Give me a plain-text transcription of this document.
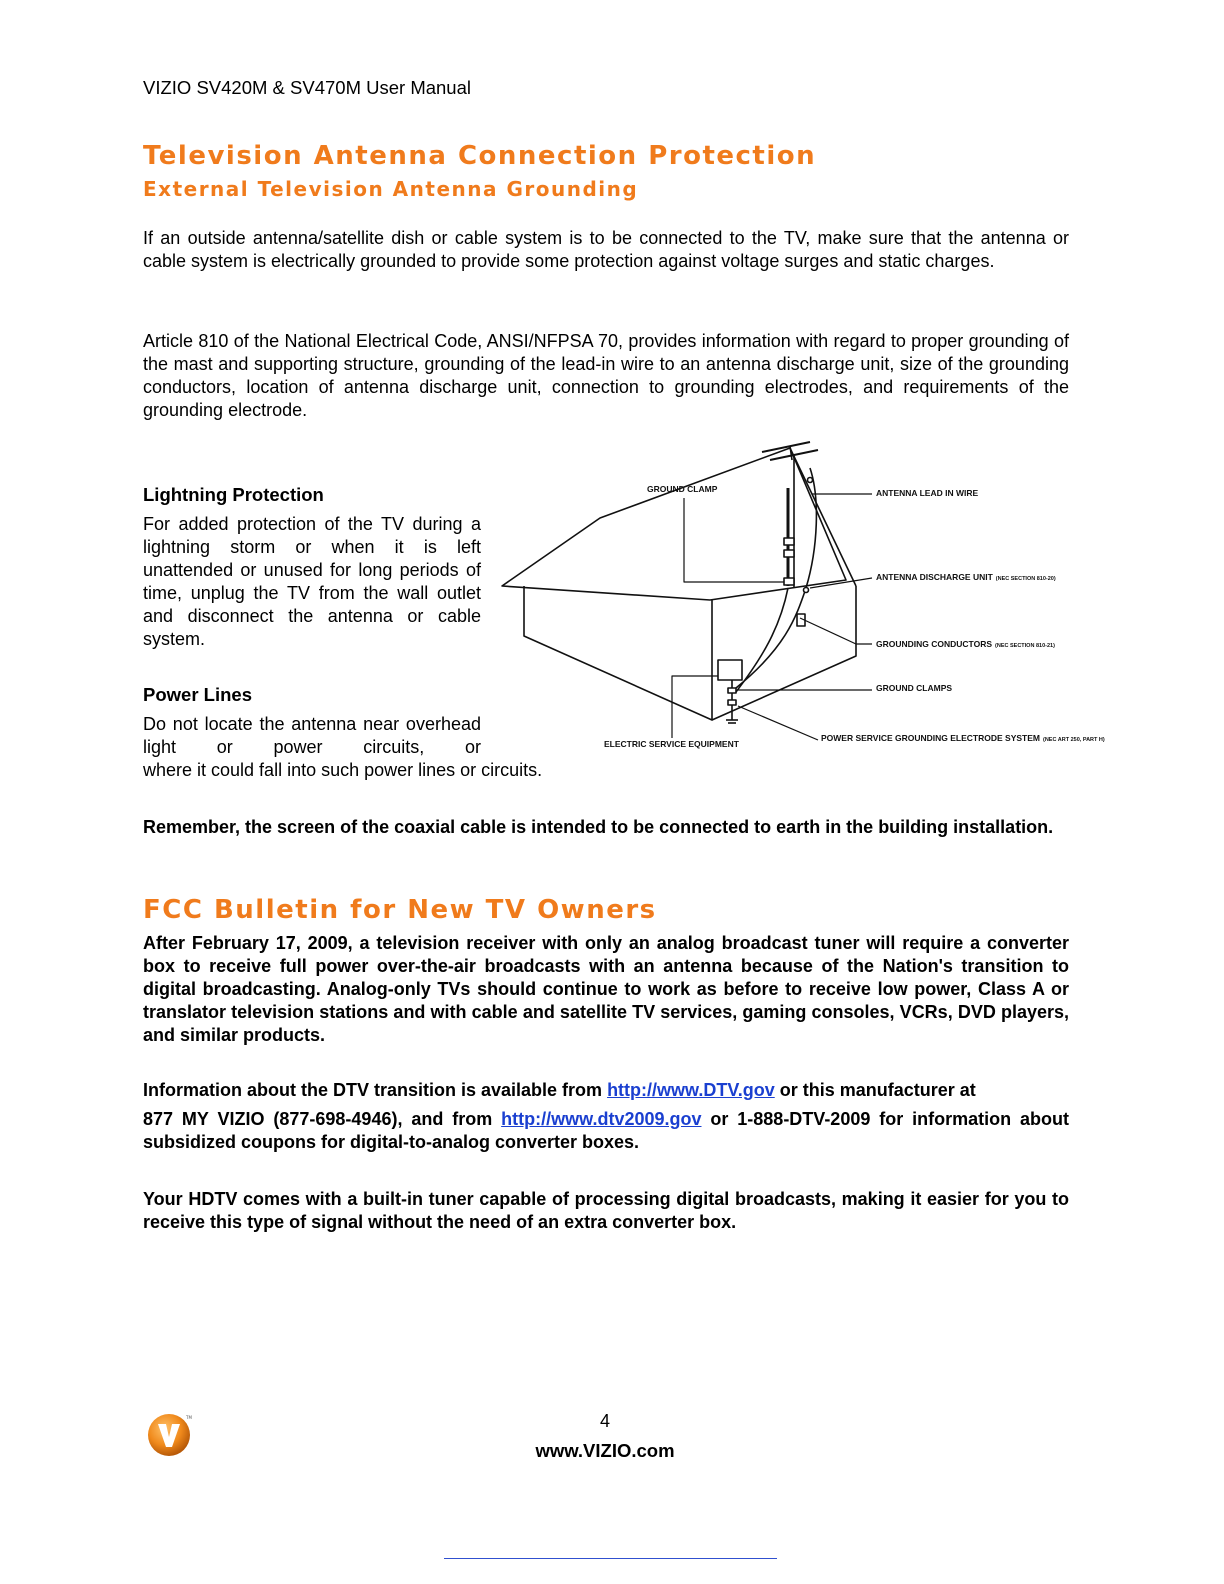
VIZIO SV420M & SV470M User Manual
Television Antenna Connection Protection
External Television Antenna Grounding
If an outside antenna/satellite dish or cable system is to be connected to the TV, make sure that the antenna or cable system is electrically grounded to provide some protection against voltage surges and static charges.
Article 810 of the National Electrical Code, ANSI/NFPSA 70, provides information with regard to proper grounding of the mast and supporting structure, grounding of the lead-in wire to an antenna discharge unit, size of the grounding conductors, location of antenna discharge unit, connection to grounding electrodes, and requirements of the grounding electrode.
Lightning Protection
For added protection of the TV during a lightning storm or when it is left unattended or unused for long periods of time, unplug the TV from the wall outlet and disconnect the antenna or cable system.
Power Lines
Do not locate the antenna near overhead light or power circuits, or
where it could fall into such power lines or circuits.
GROUND CLAMP	ANTENNA LEAD IN WIRE
ANTENNA DISCHARGE UNIT (NEC SECTION 810-20)
GROUNDING CONDUCTORS (NEC SECTION 810-21)
GROUND CLAMPS
ELECTRIC SERVICE EQUIPMENT
POWER SERVICE GROUNDING ELECTRODE SYSTEM (NEC ART 250, PART H)
Remember, the screen of the coaxial cable is intended to be connected to earth in the building installation.
FCC Bulletin for New TV Owners
After February 17, 2009, a television receiver with only an analog broadcast tuner will require a converter box to receive full power over-the-air broadcasts with an antenna because of the Nation's transition to digital broadcasting. Analog-only TVs should continue to work as before to receive low power, Class A or translator television stations and with cable and satellite TV services, gaming consoles, VCRs, DVD players, and similar products.
Information about the DTV transition is available from http://www.DTV.gov or this manufacturer at
877 MY VIZIO (877-698-4946), and from http://www.dtv2009.gov or 1-888-DTV-2009 for information about subsidized coupons for digital-to-analog converter boxes.
Your HDTV comes with a built-in tuner capable of processing digital broadcasts, making it easier for you to receive this type of signal without the need of an extra converter box.
TM	4
www.VIZIO.com
